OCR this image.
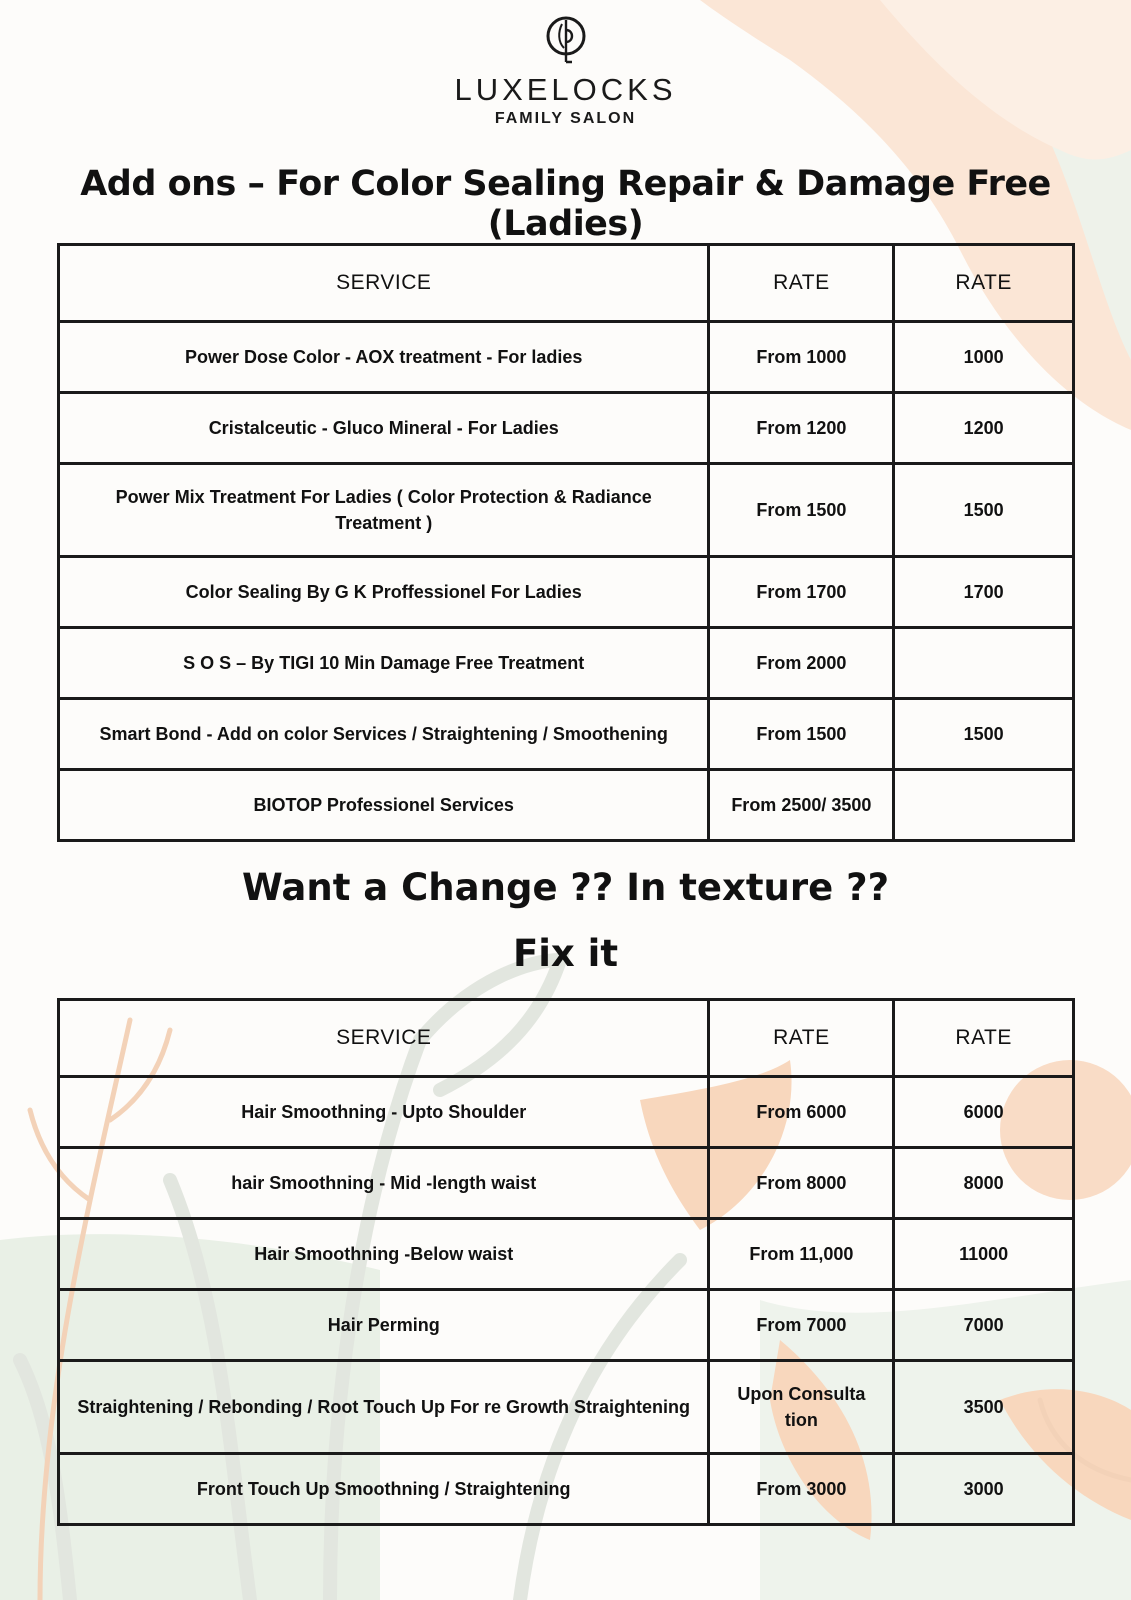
LUXELOCKS
FAMILY SALON
Add ons – For Color Sealing Repair & Damage Free (Ladies)
SERVICE	RATE	RATE
Power Dose Color - AOX treatment - For ladies	From 1000	1000
Cristalceutic - Gluco Mineral - For Ladies	From 1200	1200
Power Mix Treatment For Ladies ( Color Protection & Radiance Treatment )	From 1500	1500
Color Sealing By G K Proffessionel For Ladies	From 1700	1700
S O S – By TIGI 10 Min Damage Free Treatment	From 2000	
Smart Bond - Add on color Services / Straightening / Smoothening	From 1500	1500
BIOTOP Professionel Services	From 2500/ 3500	
Want a Change ?? In texture ??
Fix it
SERVICE	RATE	RATE
Hair Smoothning - Upto Shoulder	From 6000	6000
hair Smoothning - Mid -length waist	From 8000	8000
Hair Smoothning -Below waist	From 11,000	11000
Hair Perming	From 7000	7000
Straightening / Rebonding / Root Touch Up For re Growth Straightening	Upon Consulta tion	3500
Front Touch Up Smoothning / Straightening	From 3000	3000
